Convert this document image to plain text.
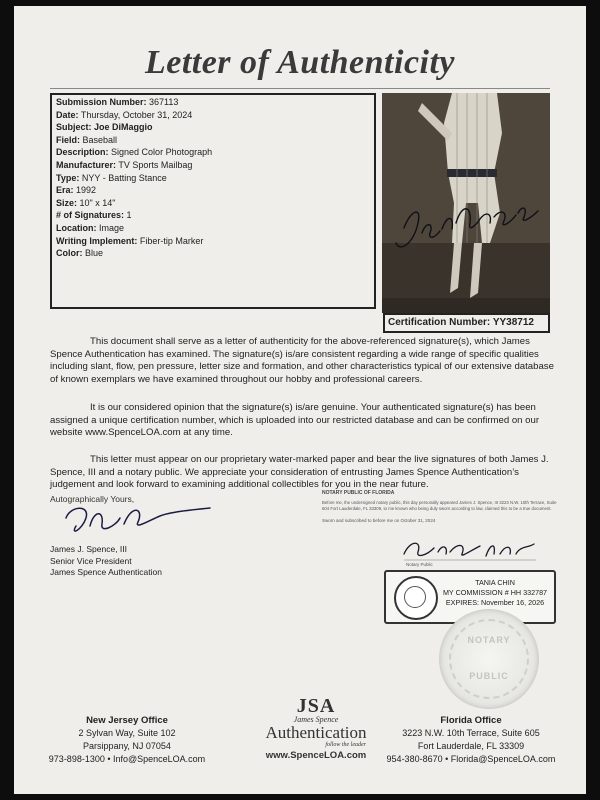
Letter of Authenticity
Submission Number: 367113
Date: Thursday, October 31, 2024
Subject: Joe DiMaggio
Field: Baseball
Description: Signed Color Photograph
Manufacturer: TV Sports Mailbag
Type: NYY - Batting Stance
Era: 1992
Size: 10" x 14"
# of Signatures: 1
Location: Image
Writing Implement: Fiber-tip Marker
Color: Blue
Certification Number: YY38712
This document shall serve as a letter of authenticity for the above-referenced signature(s), which James Spence Authentication has examined. The signature(s) is/are consistent regarding a wide range of specific qualities including slant, flow, pen pressure, letter size and formation, and other characteristics typical of our extensive database of known exemplars we have examined throughout our hobby and professional careers.
It is our considered opinion that the signature(s) is/are genuine. Your authenticated signature(s) has been assigned a unique certification number, which is uploaded into our restricted database and can be confirmed on our website www.SpenceLOA.com at any time.
This letter must appear on our proprietary water-marked paper and bear the live signatures of both James J. Spence, III and a notary public. We appreciate your consideration of entrusting James Spence Authentication’s judgement and look forward to examining additional collectibles for you in the near future.
Autographically Yours,
James J. Spence, III
Senior Vice President
James Spence Authentication
NOTARY PUBLIC OF FLORIDA
Before me, the undersigned notary public, this day personally appeared James J. Spence, III 3223 N.W. 10th Terrace, Suite 604 Fort Lauderdale, FL 33309, to me known who being duly sworn according to law, claimed this to be a true document.
Sworn and subscribed to before me on October 31, 2024
Notary Public
TANIA CHIN
MY COMMISSION # HH 332787
EXPIRES: November 16, 2026
NOTARY
PUBLIC
New Jersey Office
2 Sylvan Way, Suite 102
Parsippany, NJ 07054
973-898-1300 • Info@SpenceLOA.com
JSA
James Spence
Authentication
follow the leader
www.SpenceLOA.com
Florida Office
3223 N.W. 10th Terrace, Suite 605
Fort Lauderdale, FL 33309
954-380-8670 • Florida@SpenceLOA.com
